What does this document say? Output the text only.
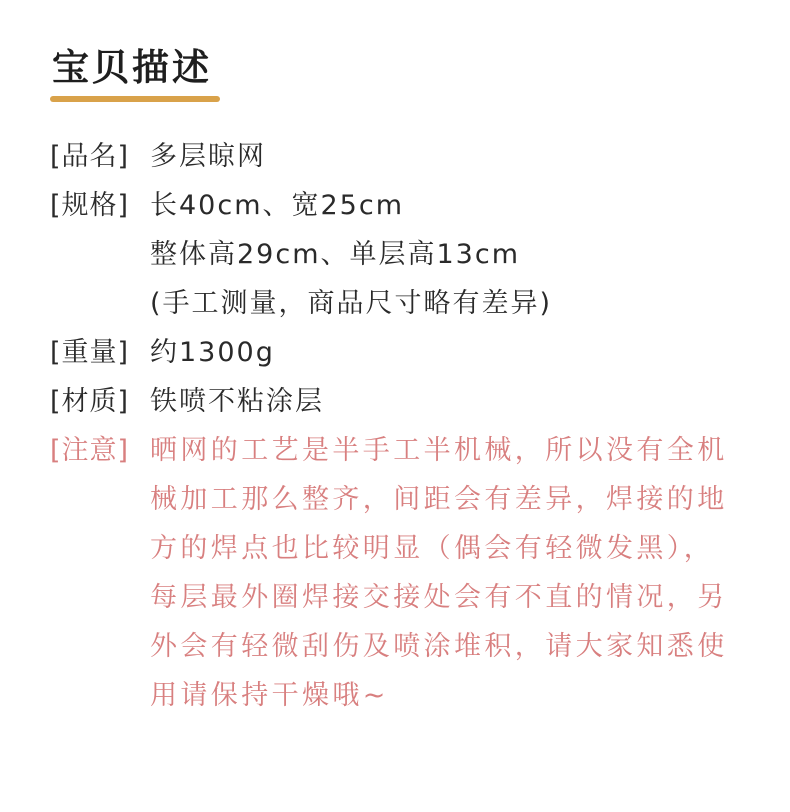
宝贝描述
[品名] 多层晾网
[规格] 长40cm、宽25cm
整体高29cm、单层高13cm
(手工测量，商品尺寸略有差异)
[重量] 约1300g
[材质] 铁喷不粘涂层
[注意] 晒网的工艺是半手工半机械，所以没有全机
械加工那么整齐，间距会有差异，焊接的地
方的焊点也比较明显（偶会有轻微发黑），
每层最外圈焊接交接处会有不直的情况，另
外会有轻微刮伤及喷涂堆积，请大家知悉使
用请保持干燥哦~
